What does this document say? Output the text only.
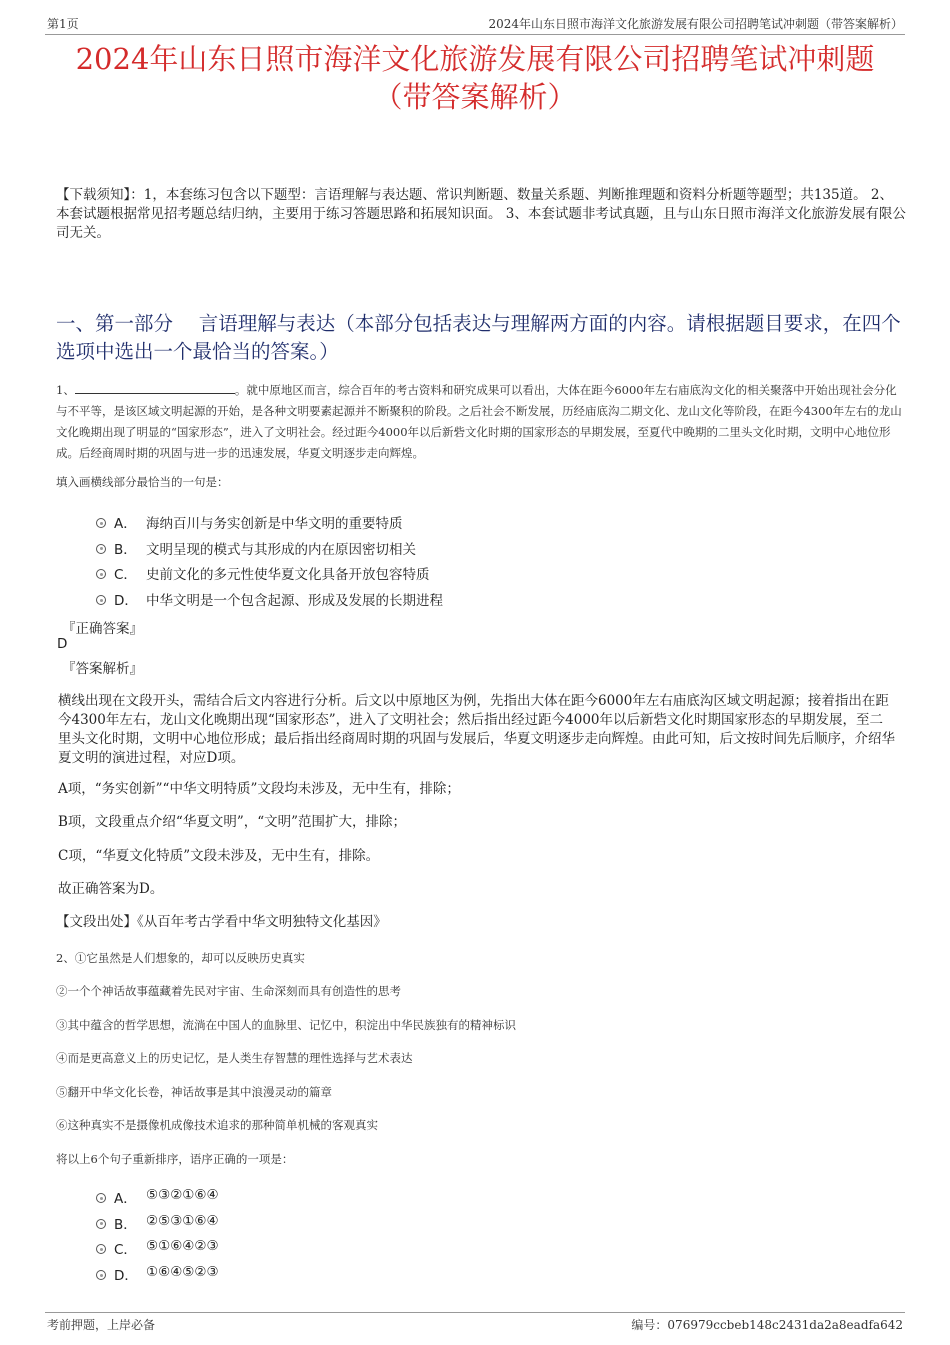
第1页	2024年山东日照市海洋文化旅游发展有限公司招聘笔试冲刺题（带答案解析）
2024年山东日照市海洋文化旅游发展有限公司招聘笔试冲刺题
（带答案解析）
【下载须知】：1，本套练习包含以下题型：言语理解与表达题、常识判断题、数量关系题、判断推理题和资料分析题等题型；共135道。 2、本套试题根据常见招考题总结归纳，主要用于练习答题思路和拓展知识面。 3、本套试题非考试真题，且与山东日照市海洋文化旅游发展有限公司无关。
一、第一部分　 言语理解与表达（本部分包括表达与理解两方面的内容。请根据题目要求，在四个选项中选出一个最恰当的答案。）
1、	。就中原地区而言，综合百年的考古资料和研究成果可以看出，大体在距今6000年左右庙底沟文化的相关聚落中开始出现社会分化与不平等，是该区域文明起源的开始，是各种文明要素起源并不断聚积的阶段。之后社会不断发展，历经庙底沟二期文化、龙山文化等阶段，在距今4300年左右的龙山文化晚期出现了明显的“国家形态”，进入了文明社会。经过距今4000年以后新砦文化时期的国家形态的早期发展，至夏代中晚期的二里头文化时期，文明中心地位形成。后经商周时期的巩固与进一步的迅速发展，华夏文明逐步走向辉煌。
填入画横线部分最恰当的一句是：
A． 海纳百川与务实创新是中华文明的重要特质
B． 文明呈现的模式与其形成的内在原因密切相关
C． 史前文化的多元性使华夏文化具备开放包容特质
D． 中华文明是一个包含起源、形成及发展的长期进程
『正确答案』
D
『答案解析』
横线出现在文段开头，需结合后文内容进行分析。后文以中原地区为例，先指出大体在距今6000年左右庙底沟区域文明起源；接着指出在距今4300年左右，龙山文化晚期出现“国家形态”，进入了文明社会；然后指出经过距今4000年以后新砦文化时期国家形态的早期发展，至二里头文化时期，文明中心地位形成；最后指出经商周时期的巩固与发展后，华夏文明逐步走向辉煌。由此可知，后文按时间先后顺序，介绍华夏文明的演进过程，对应D项。
A项，“务实创新”“中华文明特质”文段均未涉及，无中生有，排除；
B项，文段重点介绍“华夏文明”，“文明”范围扩大，排除；
C项，“华夏文化特质”文段未涉及，无中生有，排除。
故正确答案为D。
【文段出处】《从百年考古学看中华文明独特文化基因》
2、①它虽然是人们想象的，却可以反映历史真实
②一个个神话故事蕴藏着先民对宇宙、生命深刻而具有创造性的思考
③其中蕴含的哲学思想，流淌在中国人的血脉里、记忆中，积淀出中华民族独有的精神标识
④而是更高意义上的历史记忆，是人类生存智慧的理性选择与艺术表达
⑤翻开中华文化长卷，神话故事是其中浪漫灵动的篇章
⑥这种真实不是摄像机成像技术追求的那种简单机械的客观真实
将以上6个句子重新排序，语序正确的一项是：
A． ⑤③②①⑥④
B． ②⑤③①⑥④
C． ⑤①⑥④②③
D． ①⑥④⑤②③
考前押题，上岸必备	编号：076979ccbeb148c2431da2a8eadfa642
